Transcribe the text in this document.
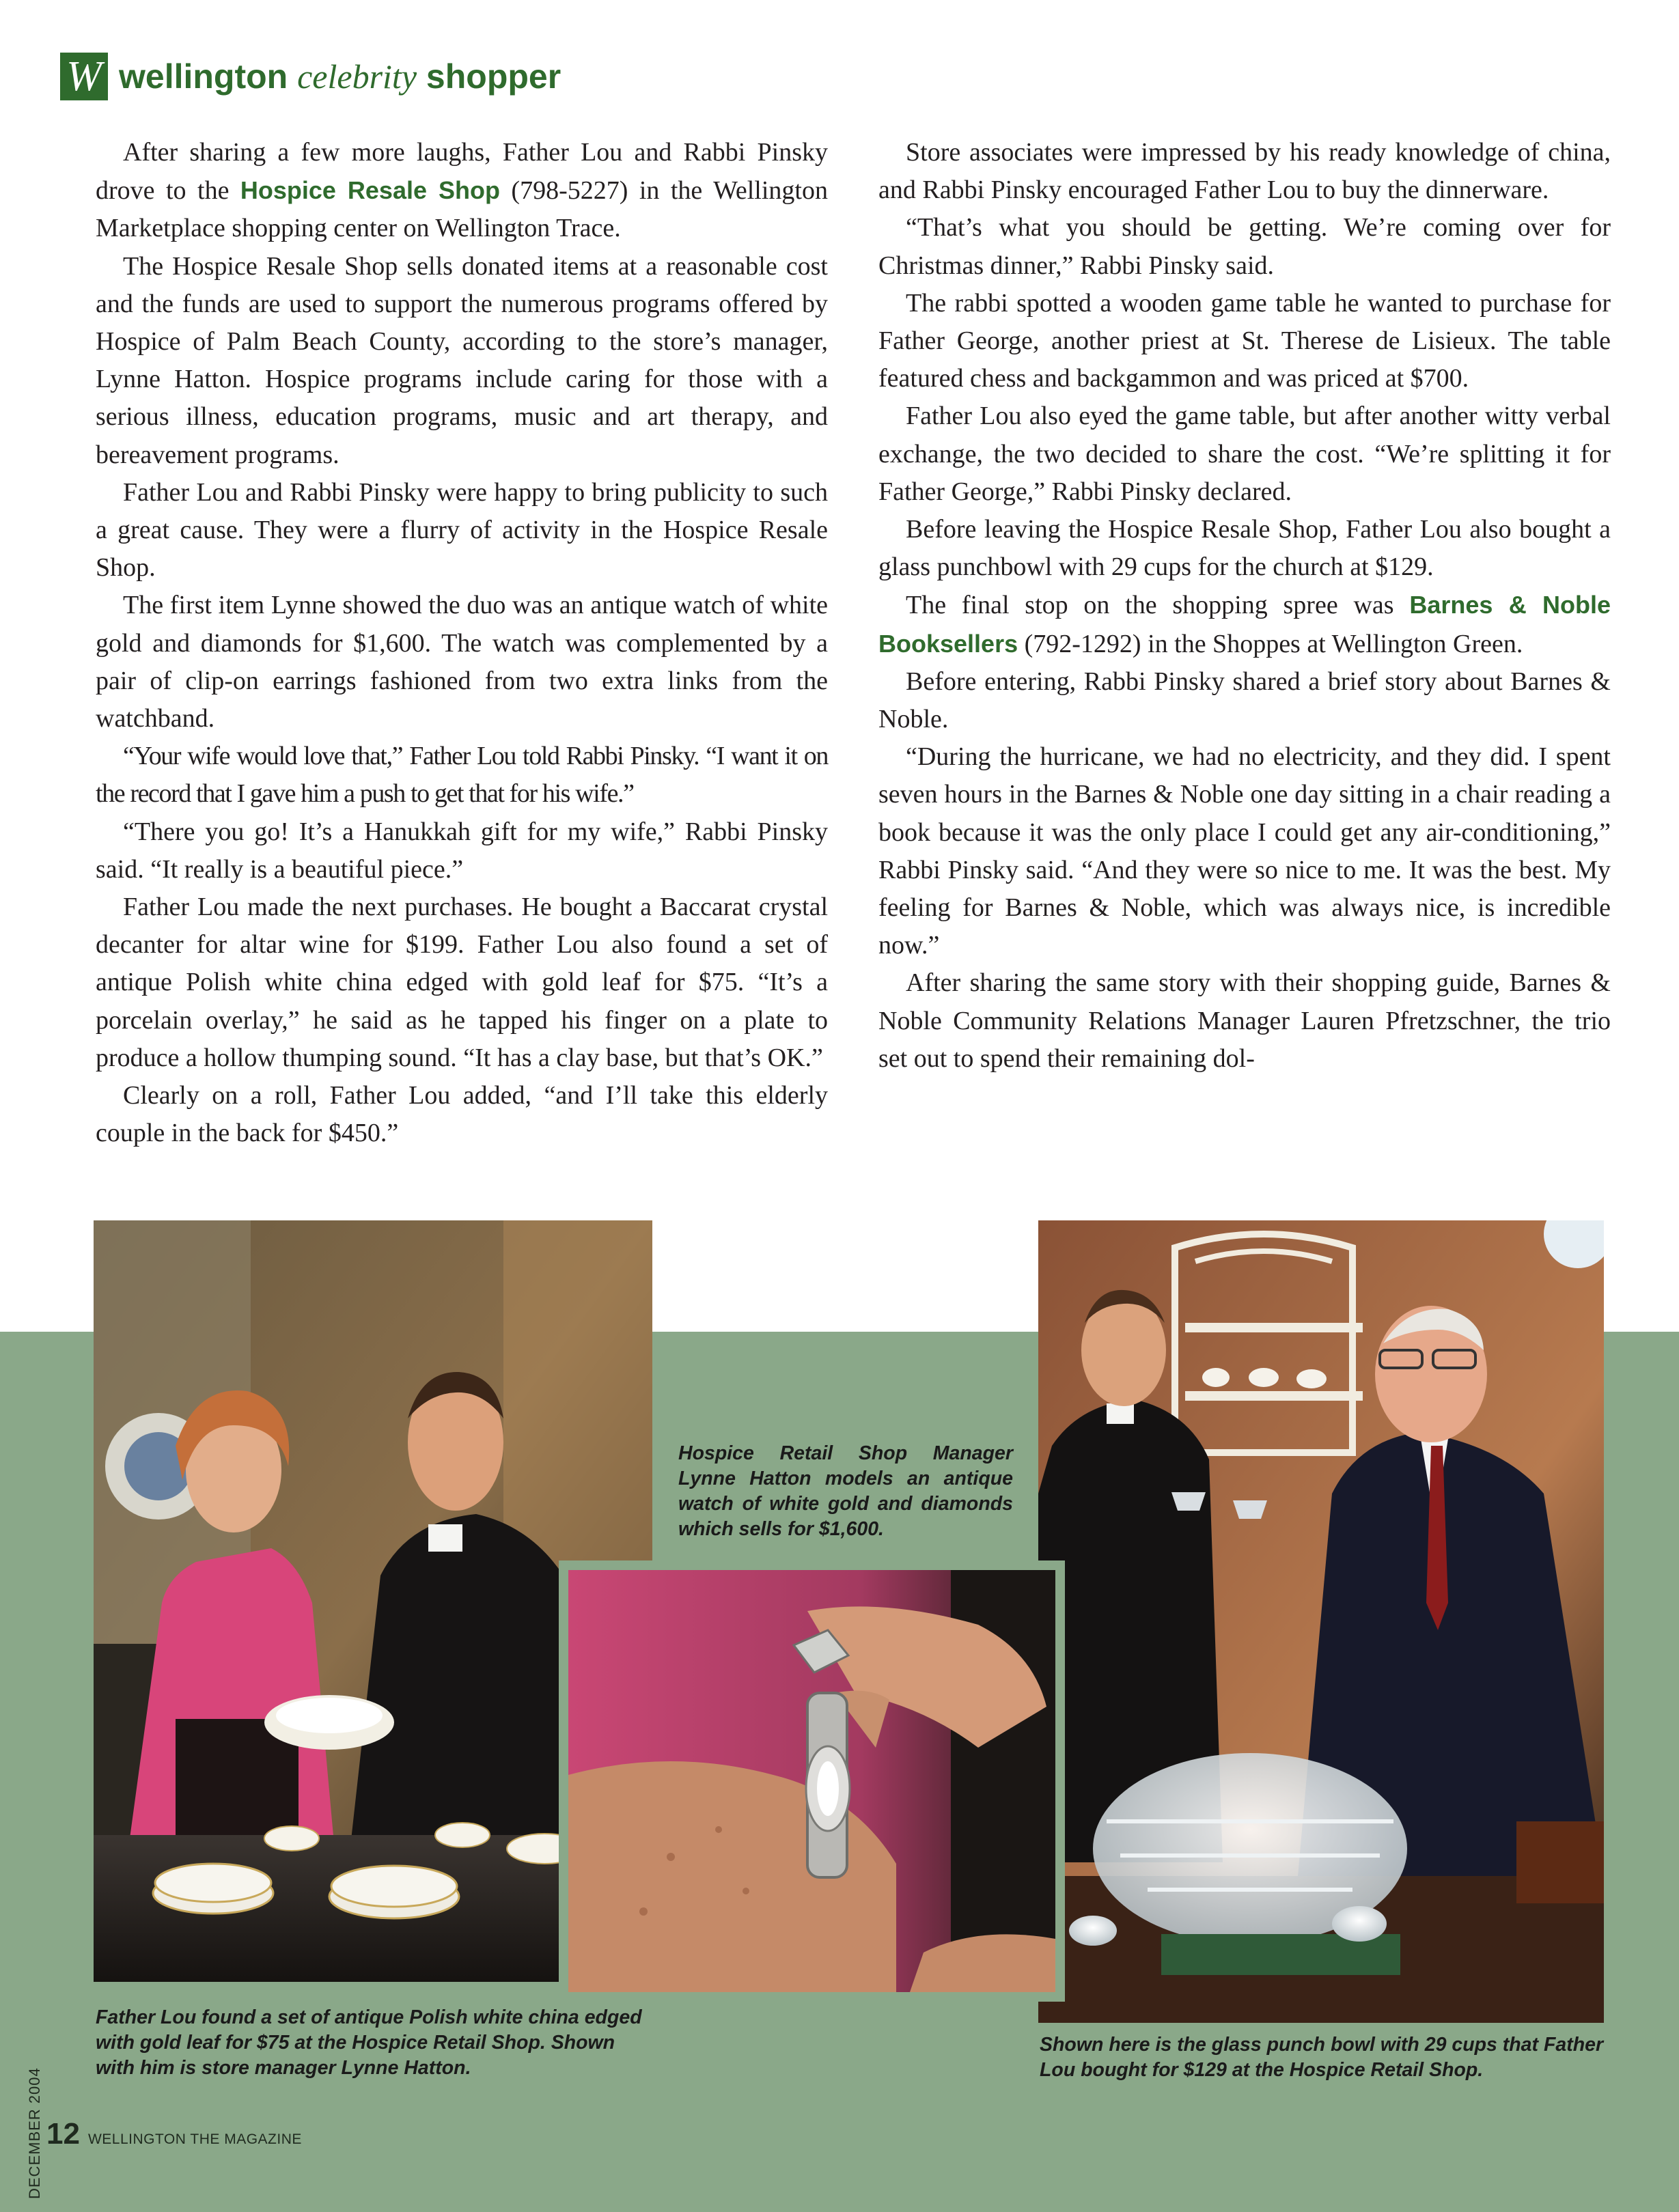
W wellington celebrity shopper

After sharing a few more laughs, Father Lou and Rabbi Pinsky drove to the Hospice Resale Shop (798-5227) in the Wellington Marketplace shopping center on Wellington Trace.

The Hospice Resale Shop sells donated items at a reasonable cost and the funds are used to support the numerous programs offered by Hospice of Palm Beach County, according to the store’s manager, Lynne Hatton. Hospice programs include caring for those with a serious illness, education programs, music and art therapy, and bereavement programs.

Father Lou and Rabbi Pinsky were happy to bring publicity to such a great cause. They were a flurry of activity in the Hospice Resale Shop.

The first item Lynne showed the duo was an antique watch of white gold and diamonds for $1,600. The watch was complemented by a pair of clip-on earrings fashioned from two extra links from the watchband.

“Your wife would love that,” Father Lou told Rabbi Pinsky. “I want it on the record that I gave him a push to get that for his wife.”

“There you go! It’s a Hanukkah gift for my wife,” Rabbi Pinsky said. “It really is a beautiful piece.”

Father Lou made the next purchases. He bought a Baccarat crystal decanter for altar wine for $199. Father Lou also found a set of antique Polish white china edged with gold leaf for $75. “It’s a porcelain overlay,” he said as he tapped his finger on a plate to produce a hollow thumping sound. “It has a clay base, but that’s OK.”

Clearly on a roll, Father Lou added, “and I’ll take this elderly couple in the back for $450.”

Store associates were impressed by his ready knowledge of china, and Rabbi Pinsky encouraged Father Lou to buy the dinnerware.

“That’s what you should be getting. We’re coming over for Christmas dinner,” Rabbi Pinsky said.

The rabbi spotted a wooden game table he wanted to purchase for Father George, another priest at St. Therese de Lisieux. The table featured chess and backgammon and was priced at $700.

Father Lou also eyed the game table, but after another witty verbal exchange, the two decided to share the cost. “We’re splitting it for Father George,” Rabbi Pinsky declared.

Before leaving the Hospice Resale Shop, Father Lou also bought a glass punchbowl with 29 cups for the church at $129.

The final stop on the shopping spree was Barnes & Noble Booksellers (792-1292) in the Shoppes at Wellington Green.

Before entering, Rabbi Pinsky shared a brief story about Barnes & Noble.

“During the hurricane, we had no electricity, and they did. I spent seven hours in the Barnes & Noble one day sitting in a chair reading a book because it was the only place I could get any air-conditioning,” Rabbi Pinsky said. “And they were so nice to me. It was the best. My feeling for Barnes & Noble, which was always nice, is incredible now.”

After sharing the same story with their shopping guide, Barnes & Noble Community Relations Manager Lauren Pfretzschner, the trio set out to spend their remaining dol-

Hospice Retail Shop Manager Lynne Hatton models an antique watch of white gold and diamonds which sells for $1,600.
Father Lou found a set of antique Polish white china edged with gold leaf for $75 at the Hospice Retail Shop. Shown with him is store manager Lynne Hatton.
Shown here is the glass punch bowl with 29 cups that Father Lou bought for $129 at the Hospice Retail Shop.
DECEMBER 2004 12 WELLINGTON THE MAGAZINE
